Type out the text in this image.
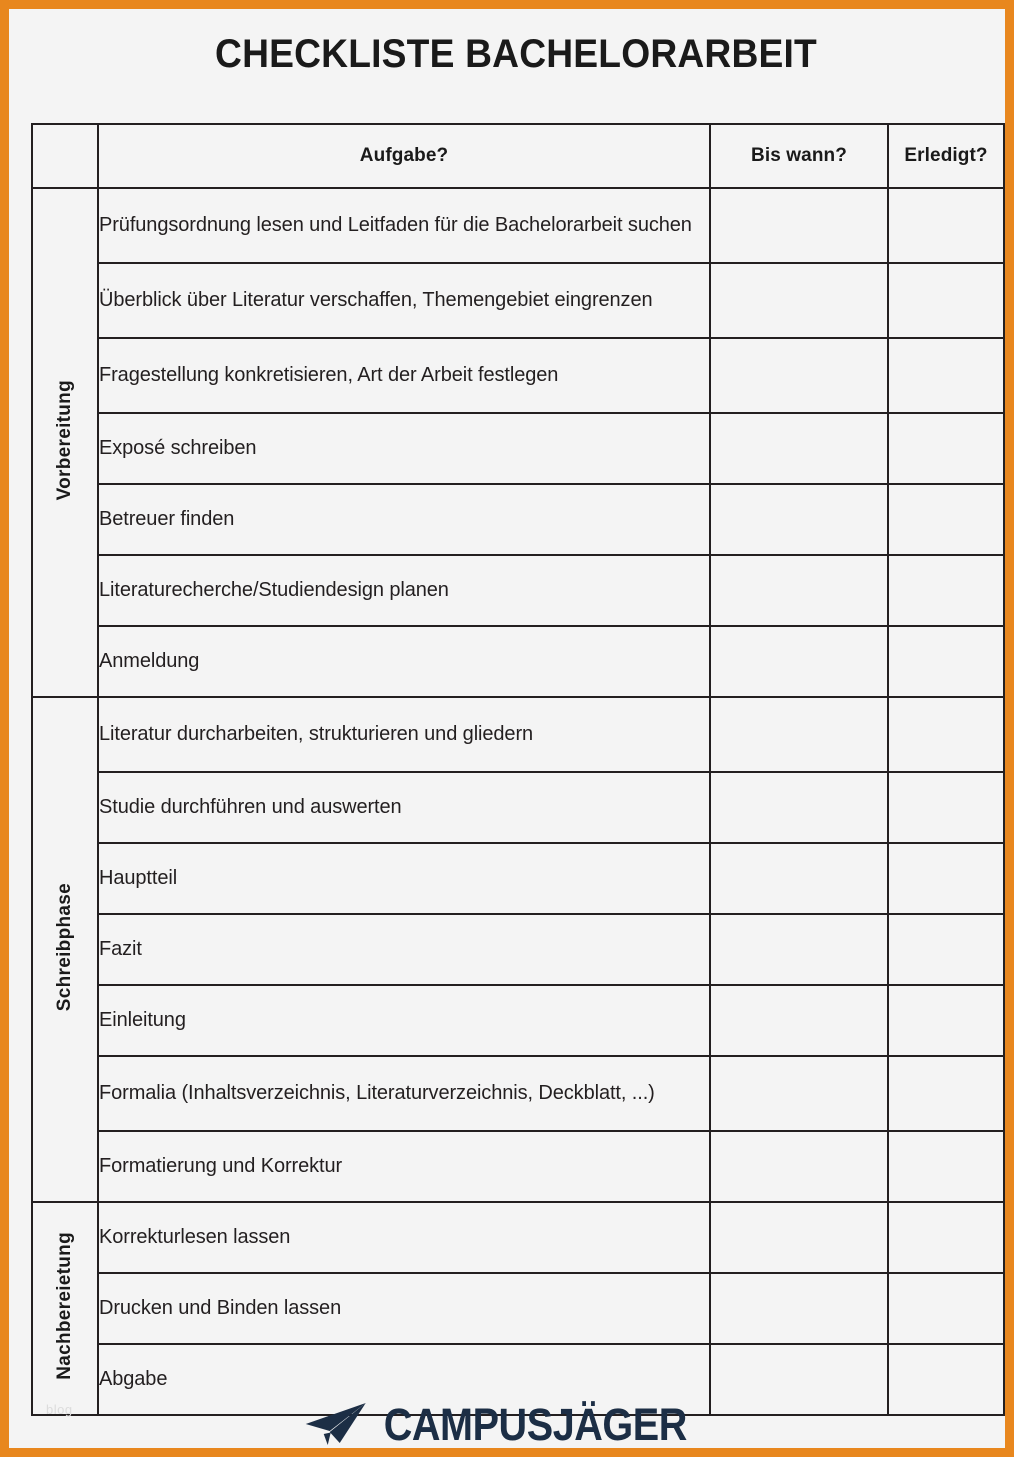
CHECKLISTE BACHELORARBEIT
	Aufgabe?	Bis wann?	Erledigt?
Vorbereitung	Prüfungsordnung lesen und Leitfaden für die Bachelorarbeit suchen		
	Überblick über Literatur verschaffen, Themengebiet eingrenzen		
	Fragestellung konkretisieren, Art der Arbeit festlegen		
	Exposé schreiben		
	Betreuer finden		
	Literaturecherche/Studiendesign planen		
	Anmeldung		
Schreibphase	Literatur durcharbeiten, strukturieren und gliedern		
	Studie durchführen und auswerten		
	Hauptteil		
	Fazit		
	Einleitung		
	Formalia (Inhaltsverzeichnis, Literaturverzeichnis, Deckblatt, ...)		
	Formatierung und Korrektur		
Nachbereietung	Korrekturlesen lassen		
	Drucken und Binden lassen		
	Abgabe		
blog	CAMPUSJÄGER
